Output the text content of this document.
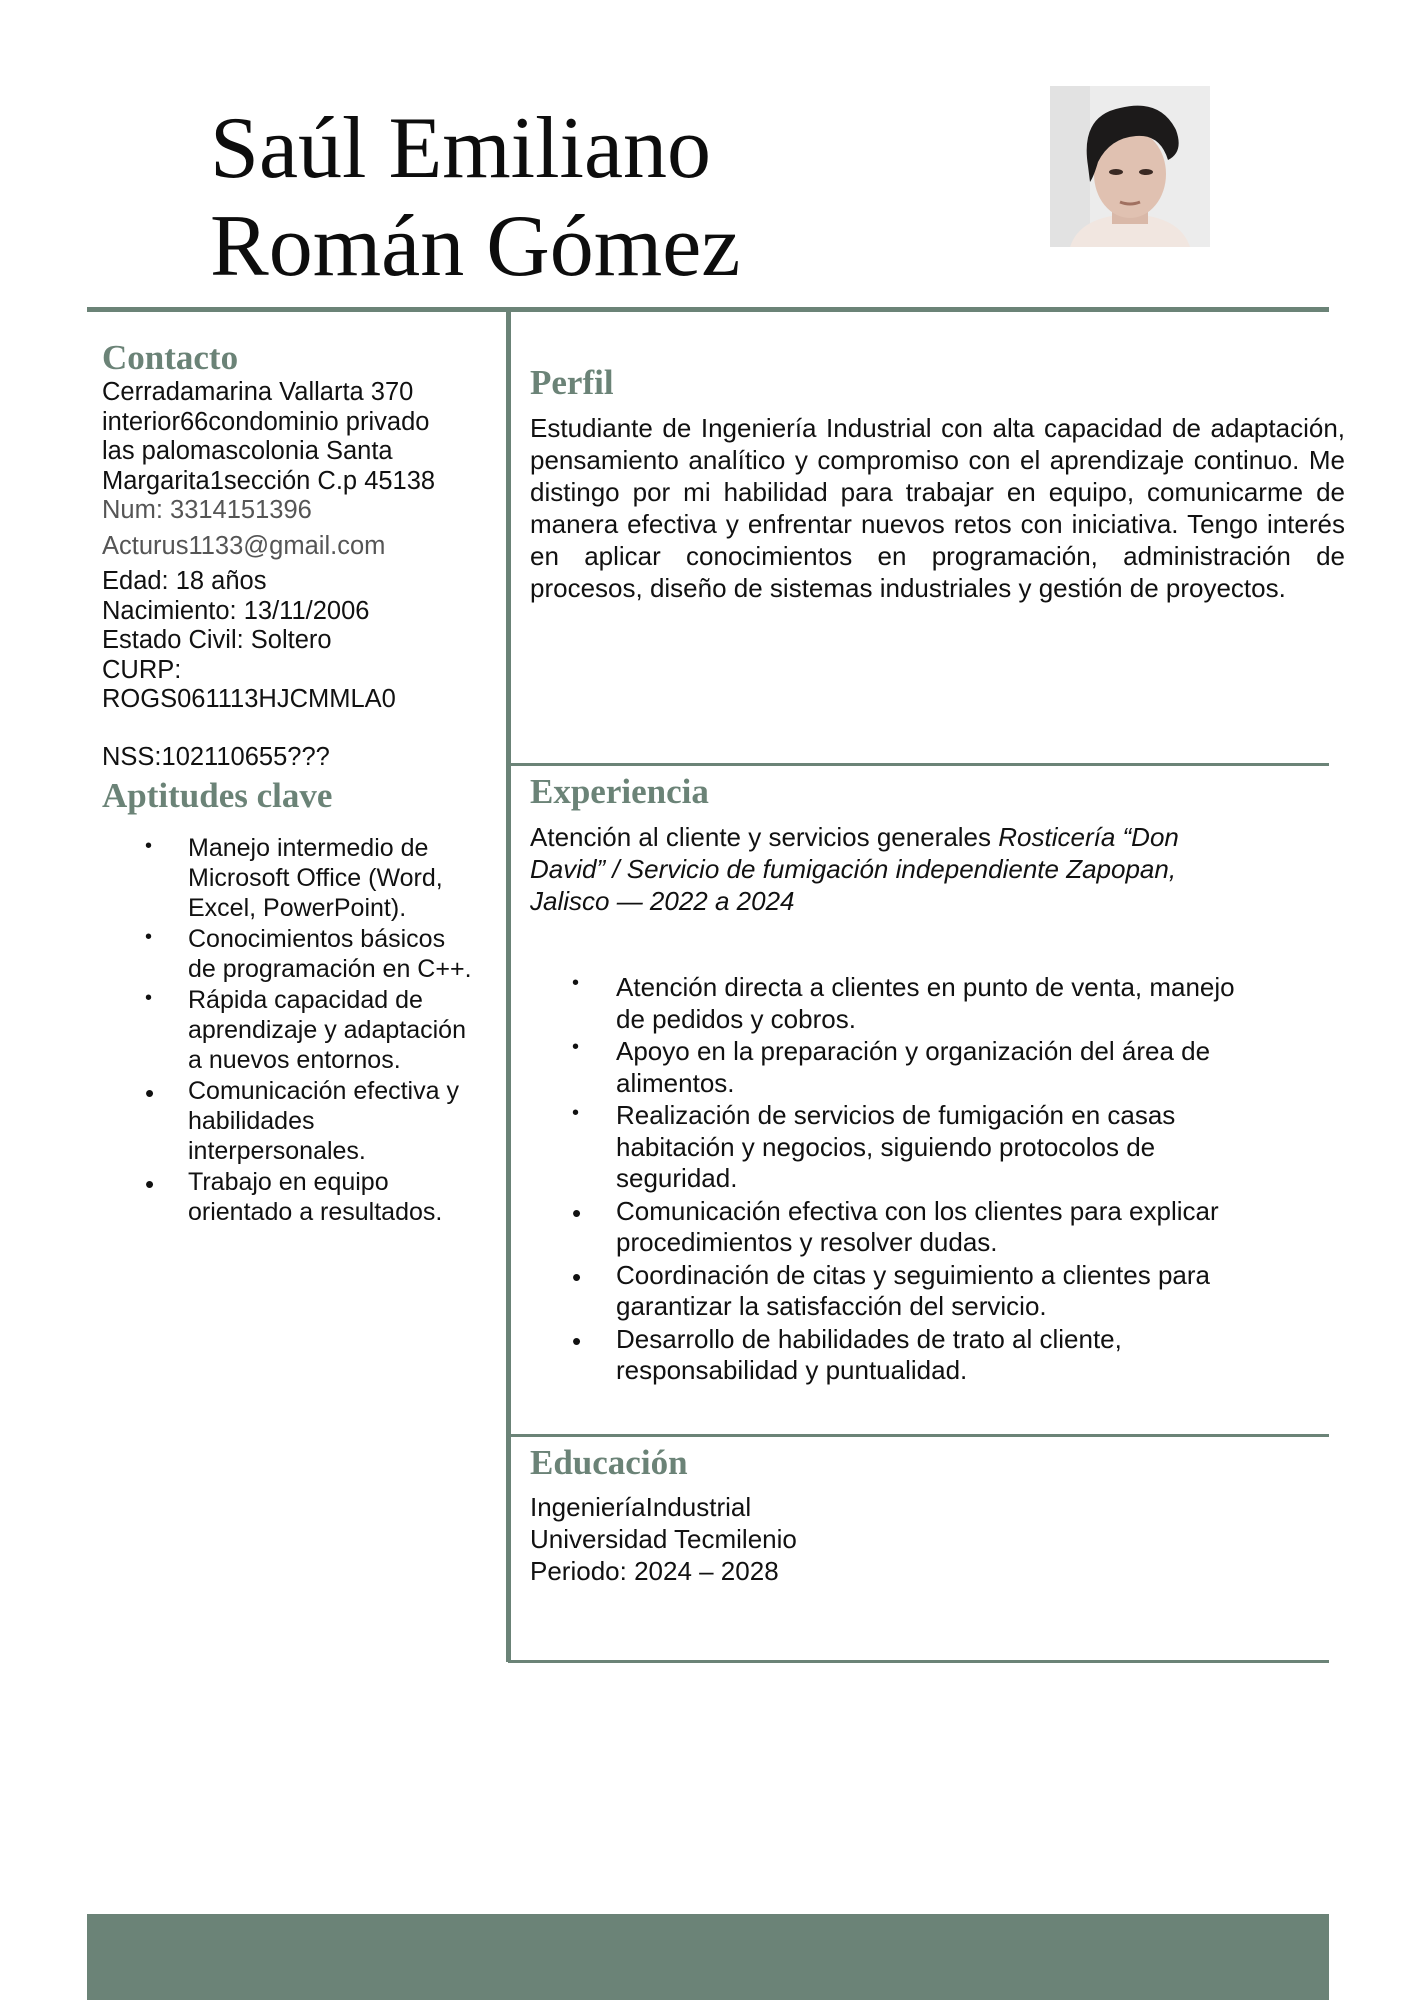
Saúl Emiliano
Román Gómez
Contacto
Cerradamarina Vallarta 370
interior66condominio privado
las palomascolonia Santa
Margarita1sección C.p 45138
Num: 3314151396
Acturus1133@gmail.com
Edad: 18 años
Nacimiento: 13/11/2006
Estado Civil: Soltero
CURP:
ROGS061113HJCMMLA0
NSS:102110655???
Aptitudes clave
• Manejo intermedio de
Microsoft Office (Word,
Excel, PowerPoint).
• Conocimientos básicos
de programación en C++.
• Rápida capacidad de
aprendizaje y adaptación
a nuevos entornos.
• Comunicación efectiva y
habilidades
interpersonales.
• Trabajo en equipo
orientado a resultados.
Perfil
Estudiante de Ingeniería Industrial con alta capacidad de adaptación, pensamiento analítico y compromiso con el aprendizaje continuo. Me distingo por mi habilidad para trabajar en equipo, comunicarme de manera efectiva y enfrentar nuevos retos con iniciativa. Tengo interés en aplicar conocimientos en programación, administración de procesos, diseño de sistemas industriales y gestión de proyectos.
Experiencia
Atención al cliente y servicios generales Rosticería “Don
David” / Servicio de fumigación independiente Zapopan,
Jalisco — 2022 a 2024
• Atención directa a clientes en punto de venta, manejo
de pedidos y cobros.
• Apoyo en la preparación y organización del área de
alimentos.
• Realización de servicios de fumigación en casas
habitación y negocios, siguiendo protocolos de
seguridad.
• Comunicación efectiva con los clientes para explicar
procedimientos y resolver dudas.
• Coordinación de citas y seguimiento a clientes para
garantizar la satisfacción del servicio.
• Desarrollo de habilidades de trato al cliente,
responsabilidad y puntualidad.
Educación
IngenieríaIndustrial
Universidad Tecmilenio
Periodo: 2024 – 2028
